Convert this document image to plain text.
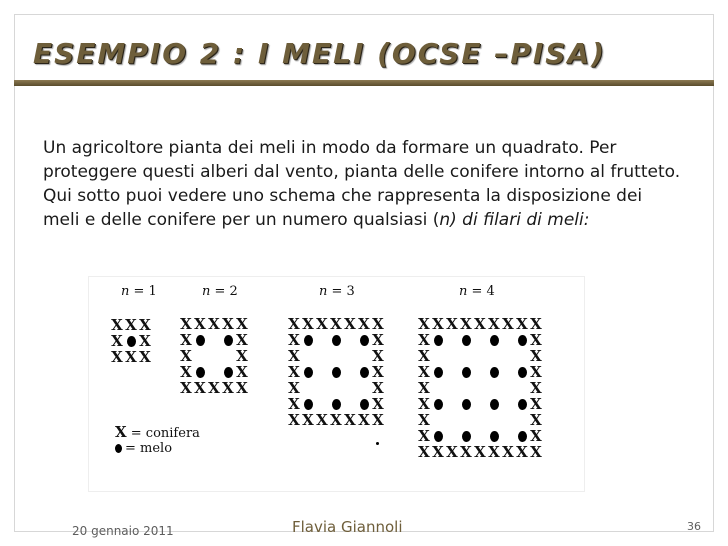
ESEMPIO 2 : I MELI (OCSE –PISA)

Un agricoltore pianta dei meli in modo da formare un quadrato. Per proteggere questi alberi dal vento, pianta delle conifere intorno al frutteto. Qui sotto puoi vedere uno schema che rappresenta la disposizione dei meli e delle conifere per un numero qualsiasi (n) di filari di meli:

n = 1	n = 2	n = 3	n = 4
X X X
X X
X X X
X X X X X
X	X
X	X
X	X
X X X X X
X X X X X X X
X	X
X	X
X	X
X	X
X	X
X X X X X X X
X X X X X X X X X
X	X
X	X
X	X
X	X
X	X
X	X
X	X
X X X X X X X X X
X = conifera
= melo
20 gennaio 2011	Flavia Giannoli	36
